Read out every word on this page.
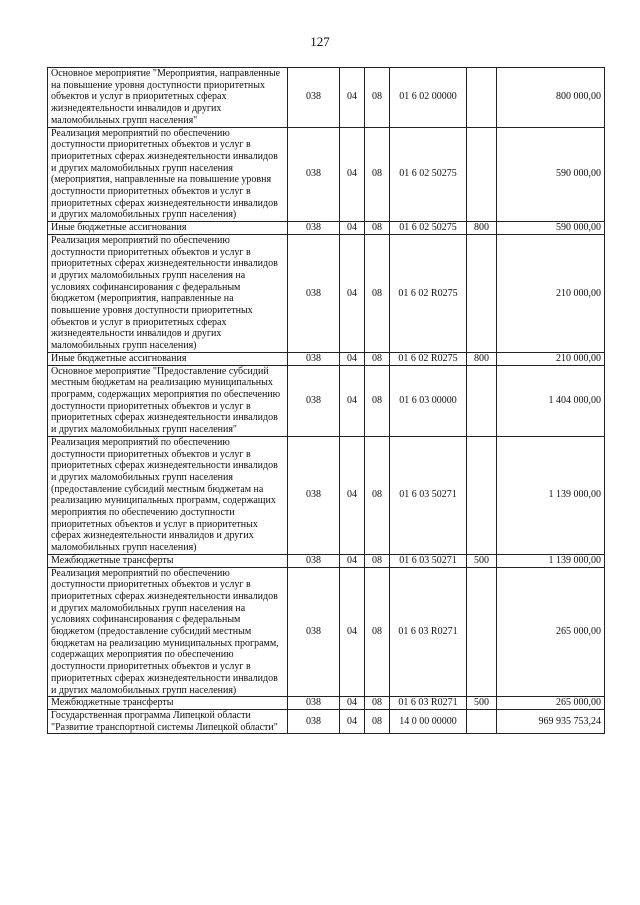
127
Основное мероприятие "Мероприятия, направленные на повышение уровня доступности приоритетных объектов и услуг в приоритетных сферах жизнедеятельности инвалидов и других маломобильных групп населения"	038	04	08	01 6 02 00000		800 000,00
Реализация мероприятий по обеспечению доступности приоритетных объектов и услуг в приоритетных сферах жизнедеятельности инвалидов и других маломобильных групп населения (мероприятия, направленные на повышение уровня доступности приоритетных объектов и услуг в приоритетных сферах жизнедеятельности инвалидов и других маломобильных групп населения)	038	04	08	01 6 02 50275		590 000,00
Иные бюджетные ассигнования	038	04	08	01 6 02 50275	800	590 000,00
Реализация мероприятий по обеспечению доступности приоритетных объектов и услуг в приоритетных сферах жизнедеятельности инвалидов и других маломобильных групп населения на условиях софинансирования с федеральным бюджетом (мероприятия, направленные на повышение уровня доступности приоритетных объектов и услуг в приоритетных сферах жизнедеятельности инвалидов и других маломобильных групп населения)	038	04	08	01 6 02 R0275		210 000,00
Иные бюджетные ассигнования	038	04	08	01 6 02 R0275	800	210 000,00
Основное мероприятие "Предоставление субсидий местным бюджетам на реализацию муниципальных программ, содержащих мероприятия по обеспечению доступности приоритетных объектов и услуг в приоритетных сферах жизнедеятельности инвалидов и других маломобильных групп населения"	038	04	08	01 6 03 00000		1 404 000,00
Реализация мероприятий по обеспечению доступности приоритетных объектов и услуг в приоритетных сферах жизнедеятельности инвалидов и других маломобильных групп населения (предоставление субсидий местным бюджетам на реализацию муниципальных программ, содержащих мероприятия по обеспечению доступности приоритетных объектов и услуг в приоритетных сферах жизнедеятельности инвалидов и других маломобильных групп населения)	038	04	08	01 6 03 50271		1 139 000,00
Межбюджетные трансферты	038	04	08	01 6 03 50271	500	1 139 000,00
Реализация мероприятий по обеспечению доступности приоритетных объектов и услуг в приоритетных сферах жизнедеятельности инвалидов и других маломобильных групп населения на условиях софинансирования с федеральным бюджетом (предоставление субсидий местным бюджетам на реализацию муниципальных программ, содержащих мероприятия по обеспечению доступности приоритетных объектов и услуг в приоритетных сферах жизнедеятельности инвалидов и других маломобильных групп населения)	038	04	08	01 6 03 R0271		265 000,00
Межбюджетные трансферты	038	04	08	01 6 03 R0271	500	265 000,00
Государственная программа Липецкой области "Развитие транспортной системы Липецкой области"	038	04	08	14 0 00 00000		969 935 753,24
